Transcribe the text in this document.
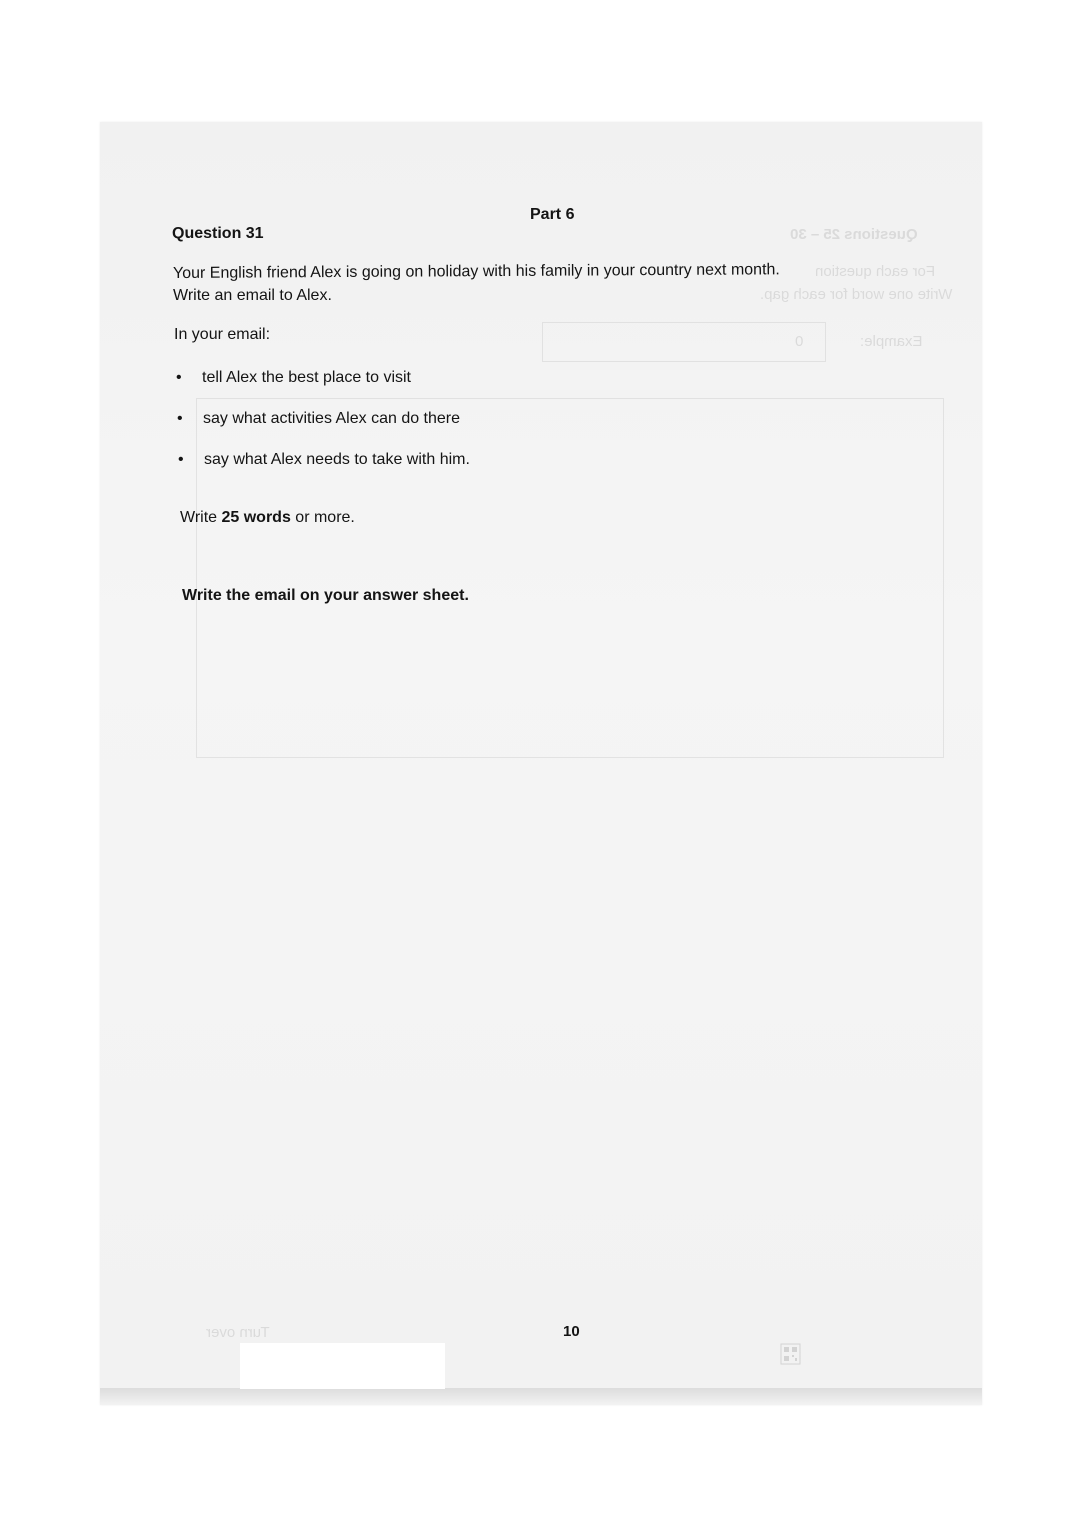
Questions 25 – 30
For each question
Write one word for each gap.
Example:
0
Turn over
Part 6
Question 31
Your English friend Alex is going on holiday with his family in your country next month.
Write an email to Alex.
In your email:
•	tell Alex the best place to visit
•	say what activities Alex can do there
•	say what Alex needs to take with him.
Write 25 words or more.
Write the email on your answer sheet.
10
